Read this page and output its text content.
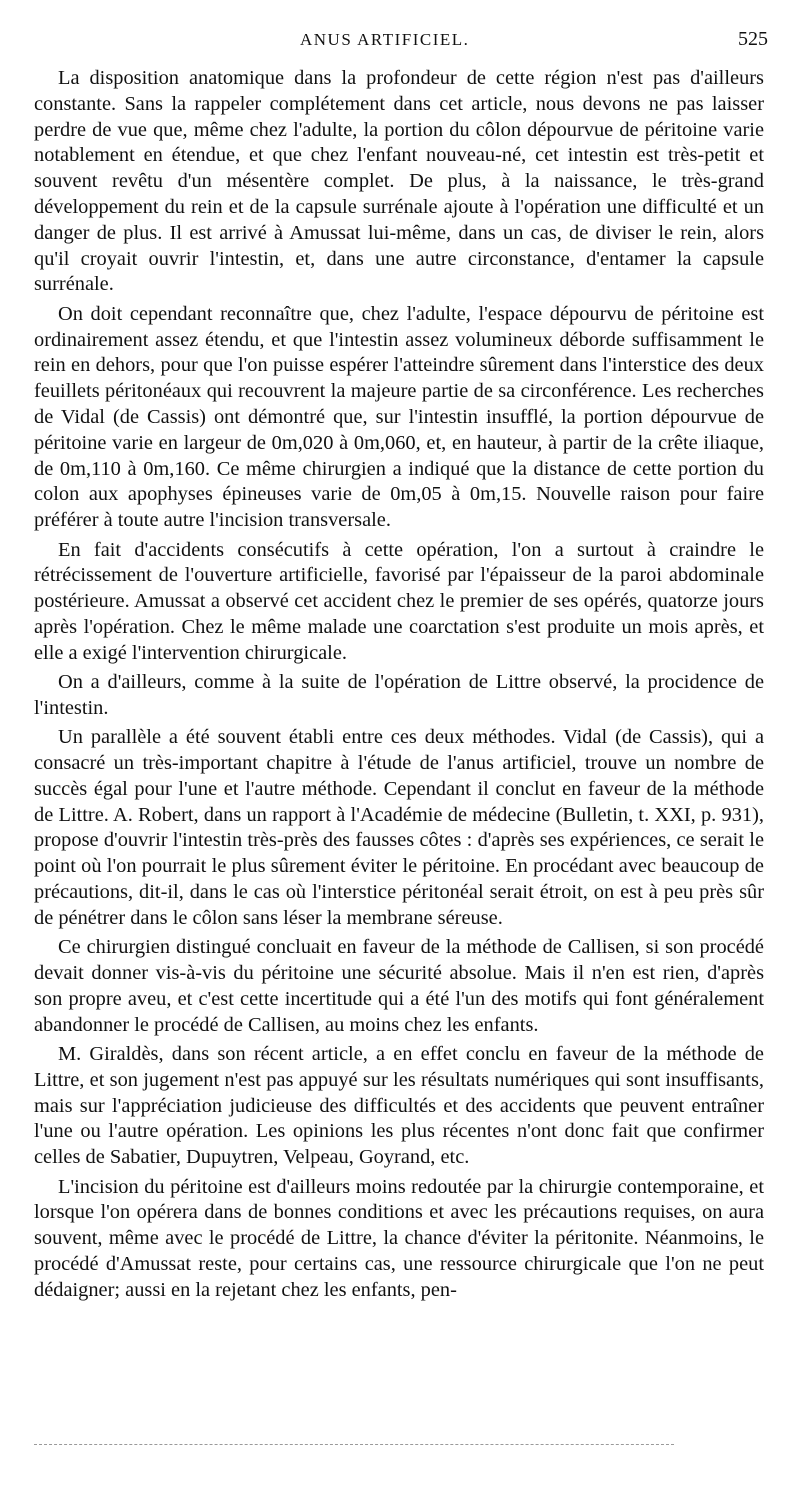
ANUS ARTIFICIEL.	525

La disposition anatomique dans la profondeur de cette région n'est pas d'ailleurs constante. Sans la rappeler complétement dans cet article, nous devons ne pas laisser perdre de vue que, même chez l'adulte, la portion du côlon dépourvue de péritoine varie notablement en étendue, et que chez l'enfant nouveau-né, cet intestin est très-petit et souvent revêtu d'un mésentère complet. De plus, à la naissance, le très-grand développement du rein et de la capsule surrénale ajoute à l'opération une difficulté et un danger de plus. Il est arrivé à Amussat lui-même, dans un cas, de diviser le rein, alors qu'il croyait ouvrir l'intestin, et, dans une autre circonstance, d'entamer la capsule surrénale.

On doit cependant reconnaître que, chez l'adulte, l'espace dépourvu de péritoine est ordinairement assez étendu, et que l'intestin assez volumineux déborde suffisamment le rein en dehors, pour que l'on puisse espérer l'atteindre sûrement dans l'interstice des deux feuillets péritonéaux qui recouvrent la majeure partie de sa circonférence. Les recherches de Vidal (de Cassis) ont démontré que, sur l'intestin insufflé, la portion dépourvue de péritoine varie en largeur de 0m,020 à 0m,060, et, en hauteur, à partir de la crête iliaque, de 0m,110 à 0m,160. Ce même chirurgien a indiqué que la distance de cette portion du colon aux apophyses épineuses varie de 0m,05 à 0m,15. Nouvelle raison pour faire préférer à toute autre l'incision transversale.

En fait d'accidents consécutifs à cette opération, l'on a surtout à craindre le rétrécissement de l'ouverture artificielle, favorisé par l'épaisseur de la paroi abdominale postérieure. Amussat a observé cet accident chez le premier de ses opérés, quatorze jours après l'opération. Chez le même malade une coarctation s'est produite un mois après, et elle a exigé l'intervention chirurgicale.

On a d'ailleurs, comme à la suite de l'opération de Littre observé, la procidence de l'intestin.

Un parallèle a été souvent établi entre ces deux méthodes. Vidal (de Cassis), qui a consacré un très-important chapitre à l'étude de l'anus artificiel, trouve un nombre de succès égal pour l'une et l'autre méthode. Cependant il conclut en faveur de la méthode de Littre. A. Robert, dans un rapport à l'Académie de médecine (Bulletin, t. XXI, p. 931), propose d'ouvrir l'intestin très-près des fausses côtes : d'après ses expériences, ce serait le point où l'on pourrait le plus sûrement éviter le péritoine. En procédant avec beaucoup de précautions, dit-il, dans le cas où l'interstice péritonéal serait étroit, on est à peu près sûr de pénétrer dans le côlon sans léser la membrane séreuse.

Ce chirurgien distingué concluait en faveur de la méthode de Callisen, si son procédé devait donner vis-à-vis du péritoine une sécurité absolue. Mais il n'en est rien, d'après son propre aveu, et c'est cette incertitude qui a été l'un des motifs qui font généralement abandonner le procédé de Callisen, au moins chez les enfants.

M. Giraldès, dans son récent article, a en effet conclu en faveur de la méthode de Littre, et son jugement n'est pas appuyé sur les résultats numériques qui sont insuffisants, mais sur l'appréciation judicieuse des difficultés et des accidents que peuvent entraîner l'une ou l'autre opération. Les opinions les plus récentes n'ont donc fait que confirmer celles de Sabatier, Dupuytren, Velpeau, Goyrand, etc.

L'incision du péritoine est d'ailleurs moins redoutée par la chirurgie contemporaine, et lorsque l'on opérera dans de bonnes conditions et avec les précautions requises, on aura souvent, même avec le procédé de Littre, la chance d'éviter la péritonite. Néanmoins, le procédé d'Amussat reste, pour certains cas, une ressource chirurgicale que l'on ne peut dédaigner; aussi en la rejetant chez les enfants, pen-
